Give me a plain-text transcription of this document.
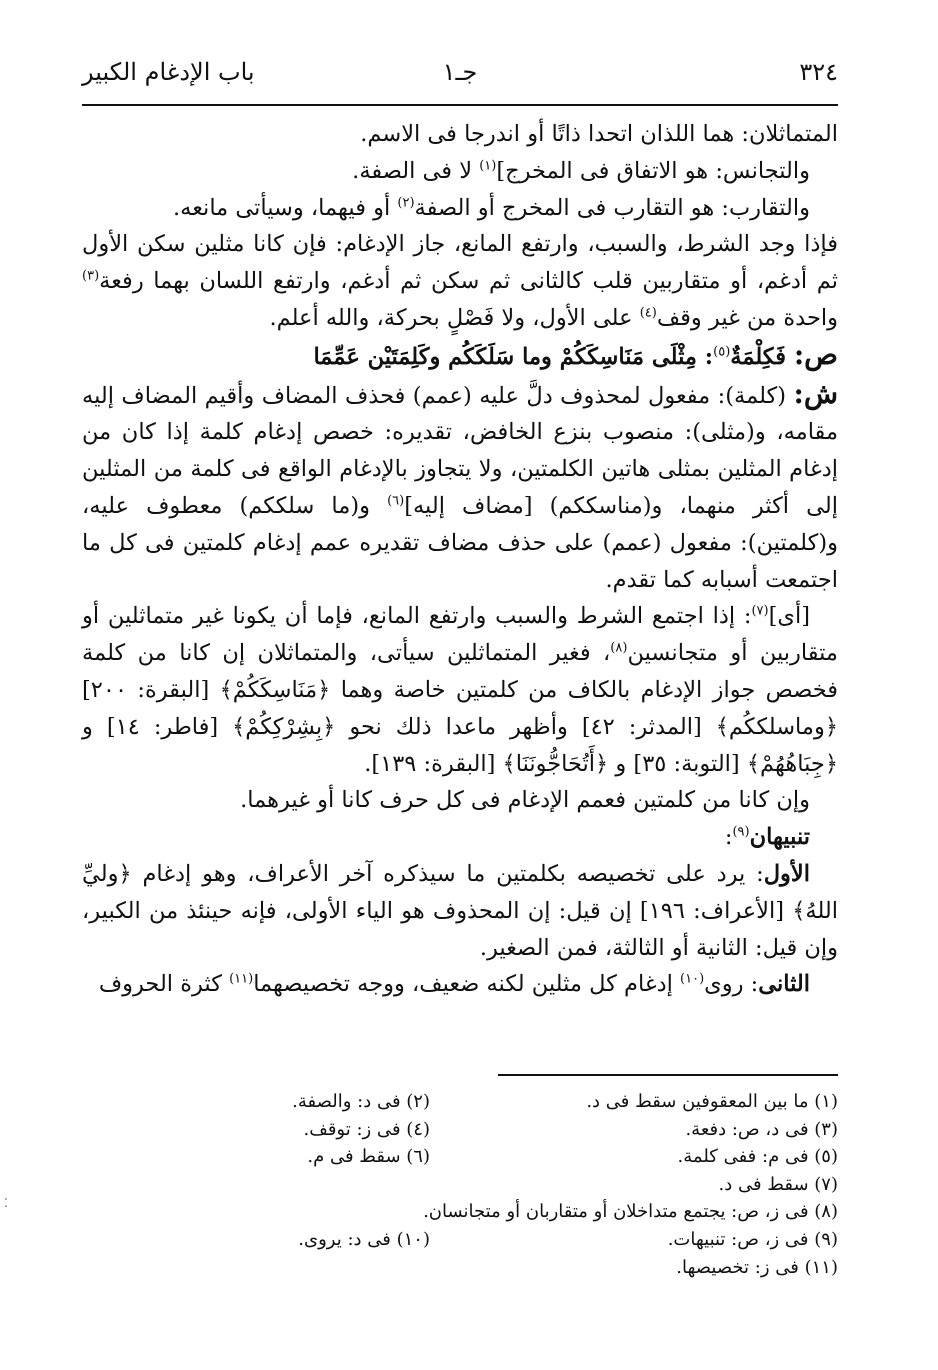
٣٢٤
جـ١
باب الإدغام الكبير

المتماثلان: هما اللذان اتحدا ذاتًا أو اندرجا فى الاسم.

والتجانس: هو الاتفاق فى المخرج]$^{(١)}$ لا فى الصفة.

والتقارب: هو التقارب فى المخرج أو الصفة$^{(٢)}$ أو فيهما، وسيأتى مانعه.

فإذا وجد الشرط، والسبب، وارتفع المانع، جاز الإدغام: فإن كانا مثلين سكن الأول ثم أدغم، أو متقاربين قلب كالثانى ثم سكن ثم أدغم، وارتفع اللسان بهما رفعة$^{(٣)}$ واحدة من غير وقف$^{(٤)}$ على الأول، ولا فَصْلٍ بحركة، والله أعلم.

ص: فَكِلْمَةٌ$^{(٥)}$: مِثْلَى مَنَاسِكَكُمْ وما سَلَكَكُم وكَلِمَتَيْن عَمِّمَا

ش: (كلمة): مفعول لمحذوف دلَّ عليه (عمم) فحذف المضاف وأقيم المضاف إليه مقامه، و(مثلى): منصوب بنزع الخافض، تقديره: خصص إدغام كلمة إذا كان من إدغام المثلين بمثلى هاتين الكلمتين، ولا يتجاوز بالإدغام الواقع فى كلمة من المثلين إلى أكثر منهما، و(مناسككم) [مضاف إليه]$^{(٦)}$ و(ما سلككم) معطوف عليه، و(كلمتين): مفعول (عمم) على حذف مضاف تقديره عمم إدغام كلمتين فى كل ما اجتمعت أسبابه كما تقدم.

[أى]$^{(٧)}$: إذا اجتمع الشرط والسبب وارتفع المانع، فإما أن يكونا غير متماثلين أو متقاربين أو متجانسين$^{(٨)}$، فغير المتماثلين سيأتى، والمتماثلان إن كانا من كلمة فخصص جواز الإدغام بالكاف من كلمتين خاصة وهما ﴿مَنَاسِكَكُمْ﴾ [البقرة: ٢٠٠] ﴿وماسلككُم﴾ [المدثر: ٤٢] وأظهر ماعدا ذلك نحو ﴿بِشِرْكِكُمْ﴾ [فاطر: ١٤] و ﴿جِبَاهُهُمْ﴾ [التوبة: ٣٥] و ﴿أَتُحَاجُّونَنَا﴾ [البقرة: ١٣٩].

وإن كانا من كلمتين فعمم الإدغام فى كل حرف كانا أو غيرهما.

تنبيهان$^{(٩)}$:

الأول: يرد على تخصيصه بكلمتين ما سيذكره آخر الأعراف، وهو إدغام ﴿وليِّ اللهُ﴾ [الأعراف: ١٩٦] إن قيل: إن المحذوف هو الياء الأولى، فإنه حينئذ من الكبير، وإن قيل: الثانية أو الثالثة، فمن الصغير.

الثانى: روى$^{(١٠)}$ إدغام كل مثلين لكنه ضعيف، ووجه تخصيصهما$^{(١١)}$ كثرة الحروف

(١) ما بين المعقوفين سقط فى د.
(٢) فى د: والصفة.
(٣) فى د، ص: دفعة.
(٤) فى ز: توقف.
(٥) فى م: ففى كلمة.
(٦) سقط فى م.
(٧) سقط فى د.
(٨) فى ز، ص: يجتمع متداخلان أو متقاربان أو متجانسان.
(٩) فى ز، ص: تنبيهات.
(١٠) فى د: يروى.
(١١) فى ز: تخصيصها.
⁚
